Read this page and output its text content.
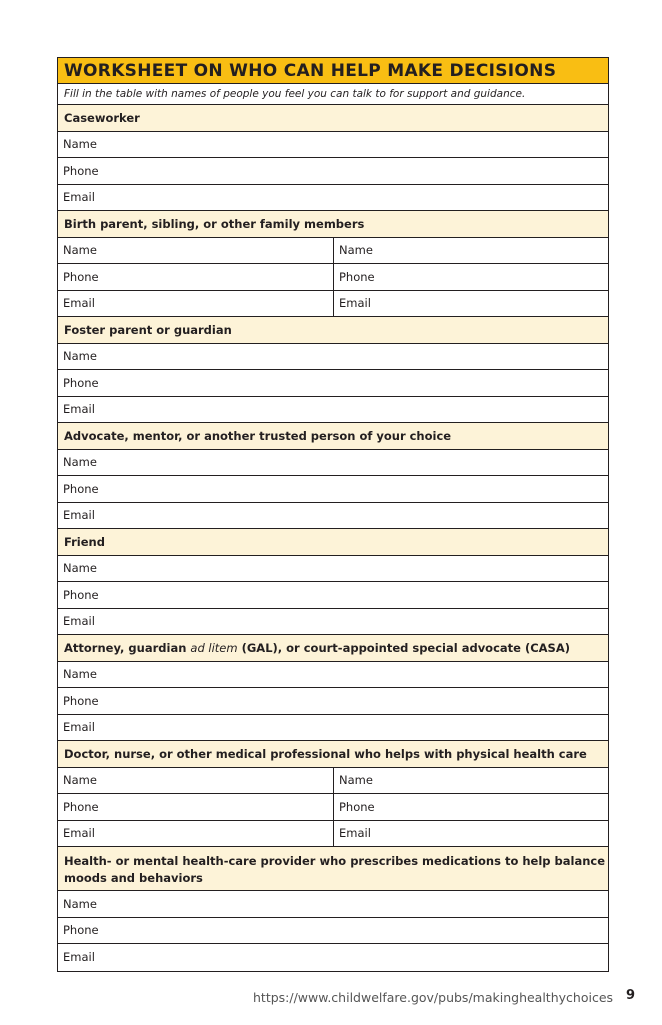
WORKSHEET ON WHO CAN HELP MAKE DECISIONS
Fill in the table with names of people you feel you can talk to for support and guidance.
Caseworker
Name
Phone
Email
Birth parent, sibling, or other family members
Name	Name
Phone	Phone
Email	Email
Foster parent or guardian
Name
Phone
Email
Advocate, mentor, or another trusted person of your choice
Name
Phone
Email
Friend
Name
Phone
Email
Attorney, guardian ad litem (GAL), or court-appointed special advocate (CASA)
Name
Phone
Email
Doctor, nurse, or other medical professional who helps with physical health care
Name	Name
Phone	Phone
Email	Email
Health- or mental health-care provider who prescribes medications to help balance moods and behaviors
Name
Phone
Email
https://www.childwelfare.gov/pubs/makinghealthychoices 9
